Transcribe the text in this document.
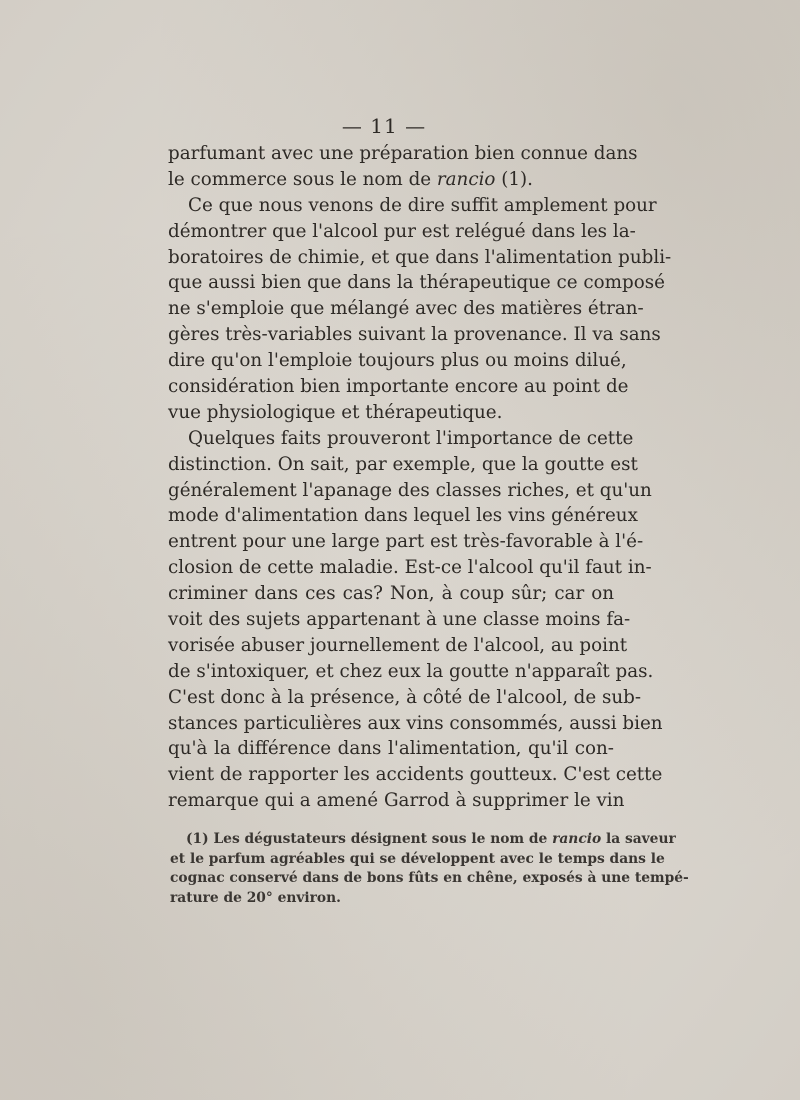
— 11 —
parfumant avec une préparation bien connue dans
le commerce sous le nom de rancio (1).
Ce que nous venons de dire suffit amplement pour
démontrer que l'alcool pur est relégué dans les la-
boratoires de chimie, et que dans l'alimentation publi-
que aussi bien que dans la thérapeutique ce composé
ne s'emploie que mélangé avec des matières étran-
gères très-variables suivant la provenance. Il va sans
dire qu'on l'emploie toujours plus ou moins dilué,
considération bien importante encore au point de
vue physiologique et thérapeutique.
Quelques faits prouveront l'importance de cette
distinction. On sait, par exemple, que la goutte est
généralement l'apanage des classes riches, et qu'un
mode d'alimentation dans lequel les vins généreux
entrent pour une large part est très-favorable à l'é-
closion de cette maladie. Est-ce l'alcool qu'il faut in-
criminer dans ces cas? Non, à coup sûr; car on
voit des sujets appartenant à une classe moins fa-
vorisée abuser journellement de l'alcool, au point
de s'intoxiquer, et chez eux la goutte n'apparaît pas.
C'est donc à la présence, à côté de l'alcool, de sub-
stances particulières aux vins consommés, aussi bien
qu'à la différence dans l'alimentation, qu'il con-
vient de rapporter les accidents goutteux. C'est cette
remarque qui a amené Garrod à supprimer le vin
(1) Les dégustateurs désignent sous le nom de rancio la saveur
et le parfum agréables qui se développent avec le temps dans le
cognac conservé dans de bons fûts en chêne, exposés à une tempé-
rature de 20° environ.
